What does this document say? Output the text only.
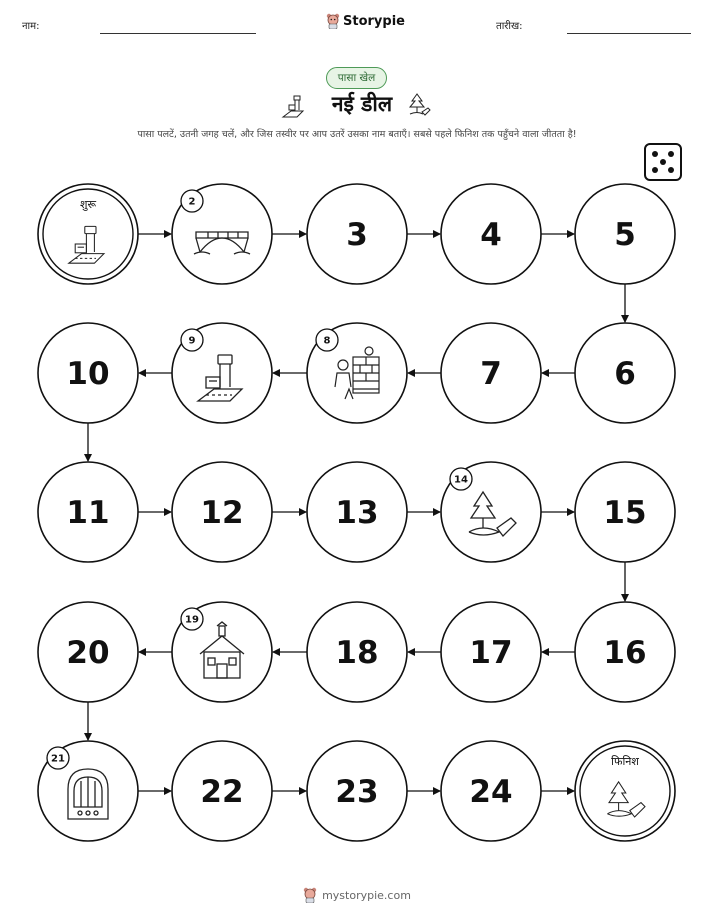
नाम:	तारीख:
Storypie
पासा खेल
नई डील
पासा पलटें, उतनी जगह चलें, और जिस तस्वीर पर आप उतरें उसका नाम बताएँ। सबसे पहले फिनिश तक पहुँचने वाला जीतता है!
शुरू	2
3	4	5
6
7
8
9
10
11	12	13
14
15
16
17
18
19
20
21
22	23	24
फिनिश
mystorypie.com
